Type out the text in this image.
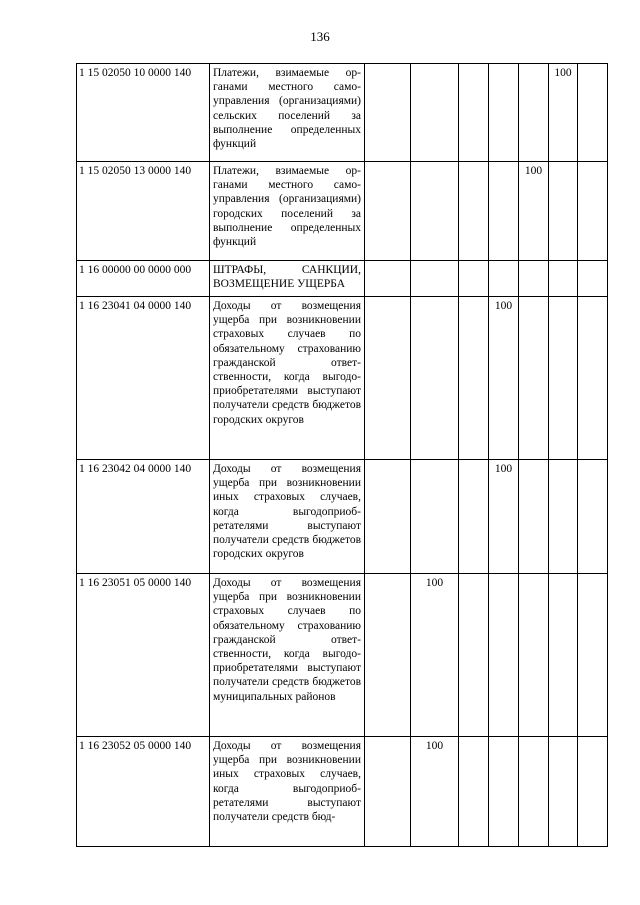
136
1 15 02050 10 0000 140	Платежи, взимаемые органами местного самоуправления (организациями) сельских поселений за выполнение определенных функций						100	
1 15 02050 13 0000 140	Платежи, взимаемые органами местного самоуправления (организациями) городских поселений за выполнение определенных функций					100		
1 16 00000 00 0000 000	ШТРАФЫ, САНКЦИИ, ВОЗМЕЩЕНИЕ УЩЕРБА							
1 16 23041 04 0000 140	Доходы от возмещения ущерба при возникновении страховых случаев по обязательному страхованию гражданской ответственности, когда выгодоприобретателями выступают получатели средств бюджетов городских округов				100			
1 16 23042 04 0000 140	Доходы от возмещения ущерба при возникновении иных страховых случаев, когда выгодоприобретателями выступают получатели средств бюджетов городских округов				100			
1 16 23051 05 0000 140	Доходы от возмещения ущерба при возникновении страховых случаев по обязательному страхованию гражданской ответственности, когда выгодоприобретателями выступают получатели средств бюджетов муниципальных районов		100					
1 16 23052 05 0000 140	Доходы от возмещения ущерба при возникновении иных страховых случаев, когда выгодоприобретателями выступают получатели средств бюд-		100					
